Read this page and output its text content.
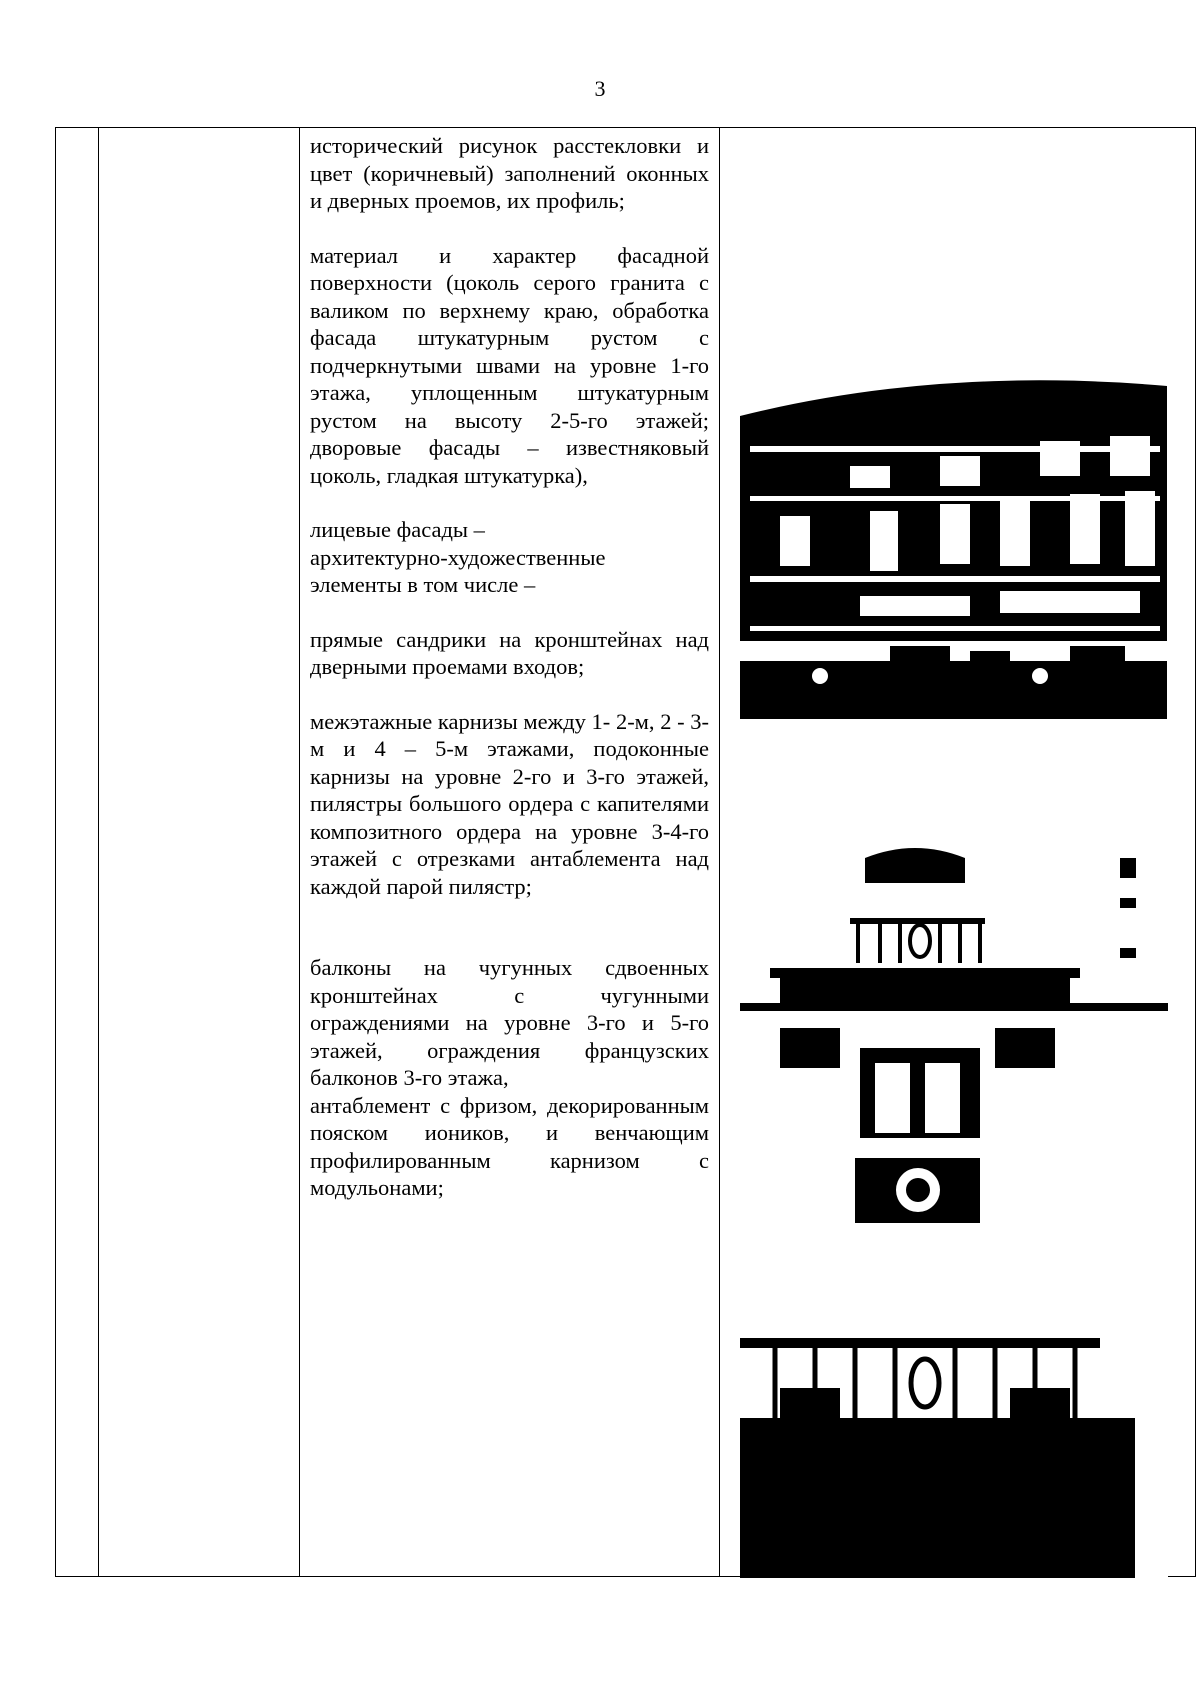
3

исторический рисунок расстекловки и цвет (коричневый) заполнений оконных и дверных проемов, их профиль;

материал и характер фасадной поверхности (цоколь серого гранита с валиком по верхнему краю, обработка фасада штукатурным рустом с подчеркнутыми швами на уровне 1-го этажа, уплощенным штукатурным рустом на высоту 2-5-го этажей; дворовые фасады – известняковый цоколь, гладкая штукатурка),

лицевые фасады –

архитектурно-художественные

элементы в том числе –

прямые сандрики на кронштейнах над дверными проемами входов;

межэтажные карнизы между 1- 2-м, 2 - 3-м и 4 – 5-м этажами, подоконные карнизы на уровне 2-го и 3-го этажей, пилястры большого ордера с капителями композитного ордера на уровне 3-4-го этажей с отрезками антаблемента над каждой парой пилястр;

балконы на чугунных сдвоенных кронштейнах с чугунными ограждениями на уровне 3-го и 5-го этажей, ограждения французских балконов 3-го этажа,

антаблемент с фризом, декорированным пояском иоников, и венчающим профилированным карнизом с модульонами;
